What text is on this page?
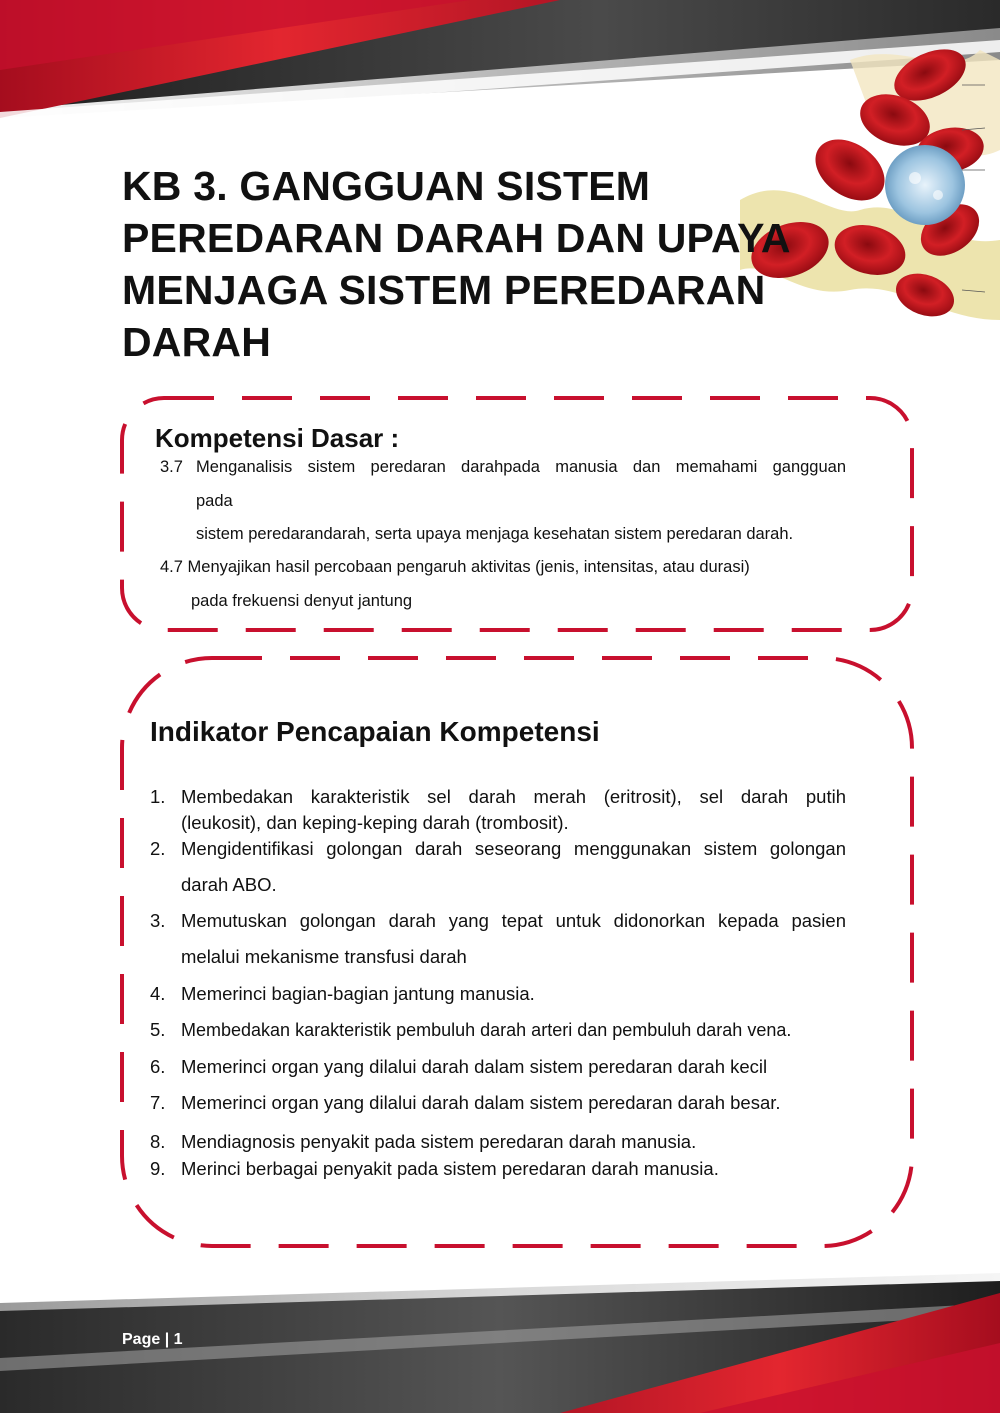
KB 3. GANGGUAN SISTEM
PEREDARAN DARAH DAN UPAYA
MENJAGA SISTEM PEREDARAN
DARAH
Kompetensi Dasar :
3.7 Menganalisis sistem peredaran darahpada manusia dan memahami gangguan
pada
sistem peredarandarah, serta upaya menjaga kesehatan sistem peredaran darah.
4.7 Menyajikan hasil percobaan pengaruh aktivitas (jenis, intensitas, atau durasi)
pada frekuensi denyut jantung
Indikator Pencapaian Kompetensi
1. Membedakan karakteristik sel darah merah (eritrosit), sel darah putih
(leukosit), dan keping-keping darah (trombosit).
2. Mengidentifikasi golongan darah seseorang menggunakan sistem golongan
darah ABO.
3. Memutuskan golongan darah yang tepat untuk didonorkan kepada pasien
melalui mekanisme transfusi darah
4. Memerinci bagian-bagian jantung manusia.
5. Membedakan karakteristik pembuluh darah arteri dan pembuluh darah vena.
6. Memerinci organ yang dilalui darah dalam sistem peredaran darah kecil
7. Memerinci organ yang dilalui darah dalam sistem peredaran darah besar.
8. Mendiagnosis penyakit pada sistem peredaran darah manusia.
9. Merinci berbagai penyakit pada sistem peredaran darah manusia.
Page | 1
